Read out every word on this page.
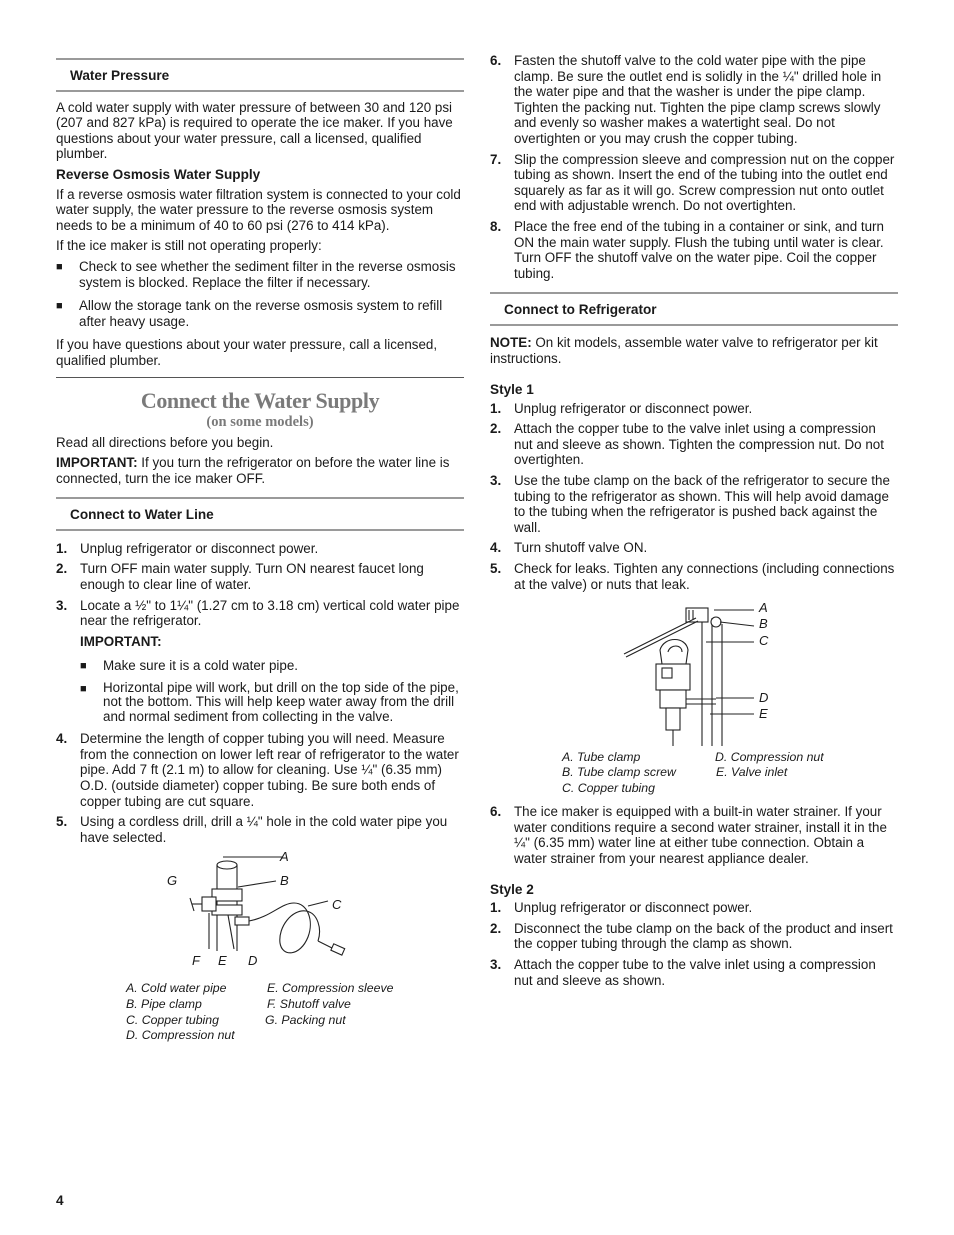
Water Pressure

A cold water supply with water pressure of between 30 and 120 psi (207 and 827 kPa) is required to operate the ice maker. If you have questions about your water pressure, call a licensed, qualified plumber.

Reverse Osmosis Water Supply

If a reverse osmosis water filtration system is connected to your cold water supply, the water pressure to the reverse osmosis system needs to be a minimum of 40 to 60 psi (276 to 414 kPa).

If the ice maker is still not operating properly:

■ Check to see whether the sediment filter in the reverse osmosis system is blocked. Replace the filter if necessary.
■ Allow the storage tank on the reverse osmosis system to refill after heavy usage.

If you have questions about your water pressure, call a licensed, qualified plumber.

Connect the Water Supply
(on some models)

Read all directions before you begin.

IMPORTANT: If you turn the refrigerator on before the water line is connected, turn the ice maker OFF.

Connect to Water Line
1. Unplug refrigerator or disconnect power.
2. Turn OFF main water supply. Turn ON nearest faucet long enough to clear line of water.
3. Locate a ½" to 1¼" (1.27 cm to 3.18 cm) vertical cold water pipe near the refrigerator.

IMPORTANT:

■ Make sure it is a cold water pipe.
■ Horizontal pipe will work, but drill on the top side of the pipe, not the bottom. This will help keep water away from the drill and normal sediment from collecting in the valve.
4. Determine the length of copper tubing you will need. Measure from the connection on lower left rear of refrigerator to the water pipe. Add 7 ft (2.1 m) to allow for cleaning. Use ¼" (6.35 mm) O.D. (outside diameter) copper tubing. Be sure both ends of copper tubing are cut square.
5. Using a cordless drill, drill a ¼" hole in the cold water pipe you have selected.
A
B
C
D
E
F
G
A. Cold water pipe
B. Pipe clamp
C. Copper tubing
D. Compression nut
E. Compression sleeve
F. Shutoff valve
G. Packing nut
6. Fasten the shutoff valve to the cold water pipe with the pipe clamp. Be sure the outlet end is solidly in the ¼" drilled hole in the water pipe and that the washer is under the pipe clamp. Tighten the packing nut. Tighten the pipe clamp screws slowly and evenly so washer makes a watertight seal. Do not overtighten or you may crush the copper tubing.
7. Slip the compression sleeve and compression nut on the copper tubing as shown. Insert the end of the tubing into the outlet end squarely as far as it will go. Screw compression nut onto outlet end with adjustable wrench. Do not overtighten.
8. Place the free end of the tubing in a container or sink, and turn ON the main water supply. Flush the tubing until water is clear. Turn OFF the shutoff valve on the water pipe. Coil the copper tubing.
Connect to Refrigerator

NOTE: On kit models, assemble water valve to refrigerator per kit instructions.

Style 1

1. Unplug refrigerator or disconnect power.
2. Attach the copper tube to the valve inlet using a compression nut and sleeve as shown. Tighten the compression nut. Do not overtighten.
3. Use the tube clamp on the back of the refrigerator to secure the tubing to the refrigerator as shown. This will help avoid damage to the tubing when the refrigerator is pushed back against the wall.
4. Turn shutoff valve ON.
5. Check for leaks. Tighten any connections (including connections at the valve) or nuts that leak.
A
B
C
D
E
A. Tube clamp
B. Tube clamp screw
C. Copper tubing
D. Compression nut
E. Valve inlet
6. The ice maker is equipped with a built-in water strainer. If your water conditions require a second water strainer, install it in the ¼" (6.35 mm) water line at either tube connection. Obtain a water strainer from your nearest appliance dealer.

Style 2

1. Unplug refrigerator or disconnect power.
2. Disconnect the tube clamp on the back of the product and insert the copper tubing through the clamp as shown.
3. Attach the copper tube to the valve inlet using a compression nut and sleeve as shown.
4
